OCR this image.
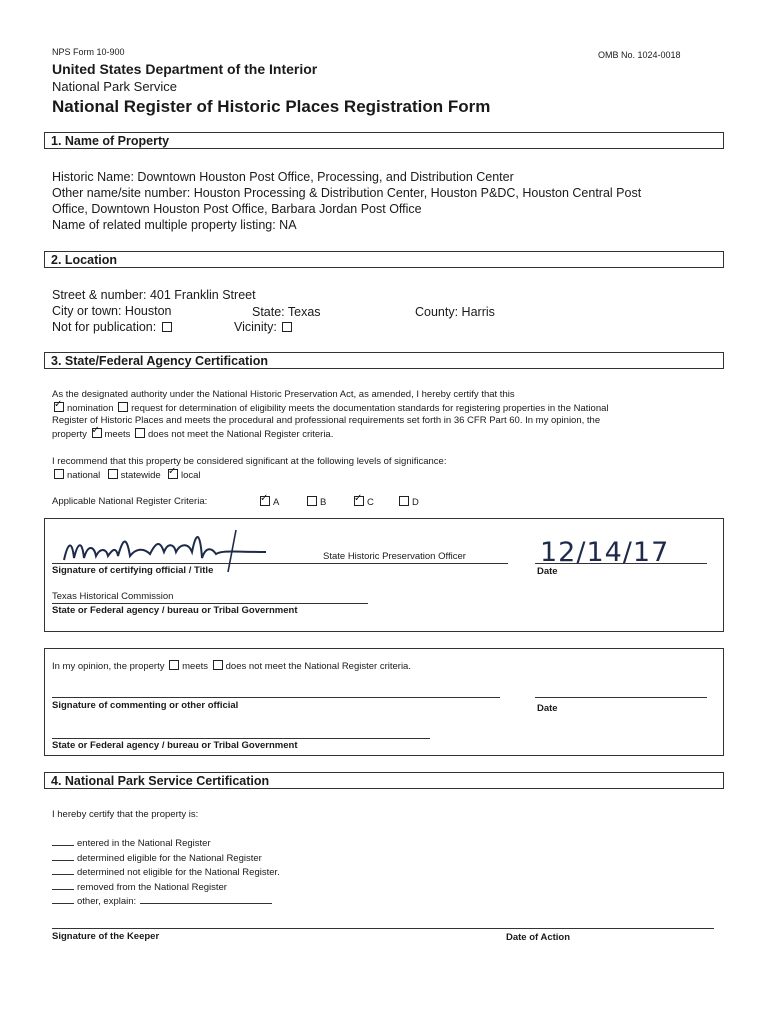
NPS Form 10-900	OMB No. 1024-0018
United States Department of the Interior
National Park Service
National Register of Historic Places Registration Form
1. Name of Property
Historic Name: Downtown Houston Post Office, Processing, and Distribution Center
Other name/site number: Houston Processing & Distribution Center, Houston P&DC, Houston Central Post
Office, Downtown Houston Post Office, Barbara Jordan Post Office
Name of related multiple property listing: NA
2. Location
Street & number: 401 Franklin Street
City or town: Houston	State: Texas	County: Harris
Not for publication:	Vicinity:
3. State/Federal Agency Certification
As the designated authority under the National Historic Preservation Act, as amended, I hereby certify that this
✓nomination request for determination of eligibility meets the documentation standards for registering properties in the National
Register of Historic Places and meets the procedural and professional requirements set forth in 36 CFR Part 60. In my opinion, the
property ✓ meets does not meet the National Register criteria.
I recommend that this property be considered significant at the following levels of significance:
national statewide ✓ local
Applicable National Register Criteria: ✓	A	B ✓	C	D
State Historic Preservation Officer
Signature of certifying official / Title
12/14/17
Date
Texas Historical Commission
State or Federal agency / bureau or Tribal Government
In my opinion, the property meets does not meet the National Register criteria.
Signature of commenting or other official	Date
State or Federal agency / bureau or Tribal Government
4. National Park Service Certification
I hereby certify that the property is:
entered in the National Register
determined eligible for the National Register
determined not eligible for the National Register.
removed from the National Register
other, explain:
Signature of the Keeper	Date of Action
